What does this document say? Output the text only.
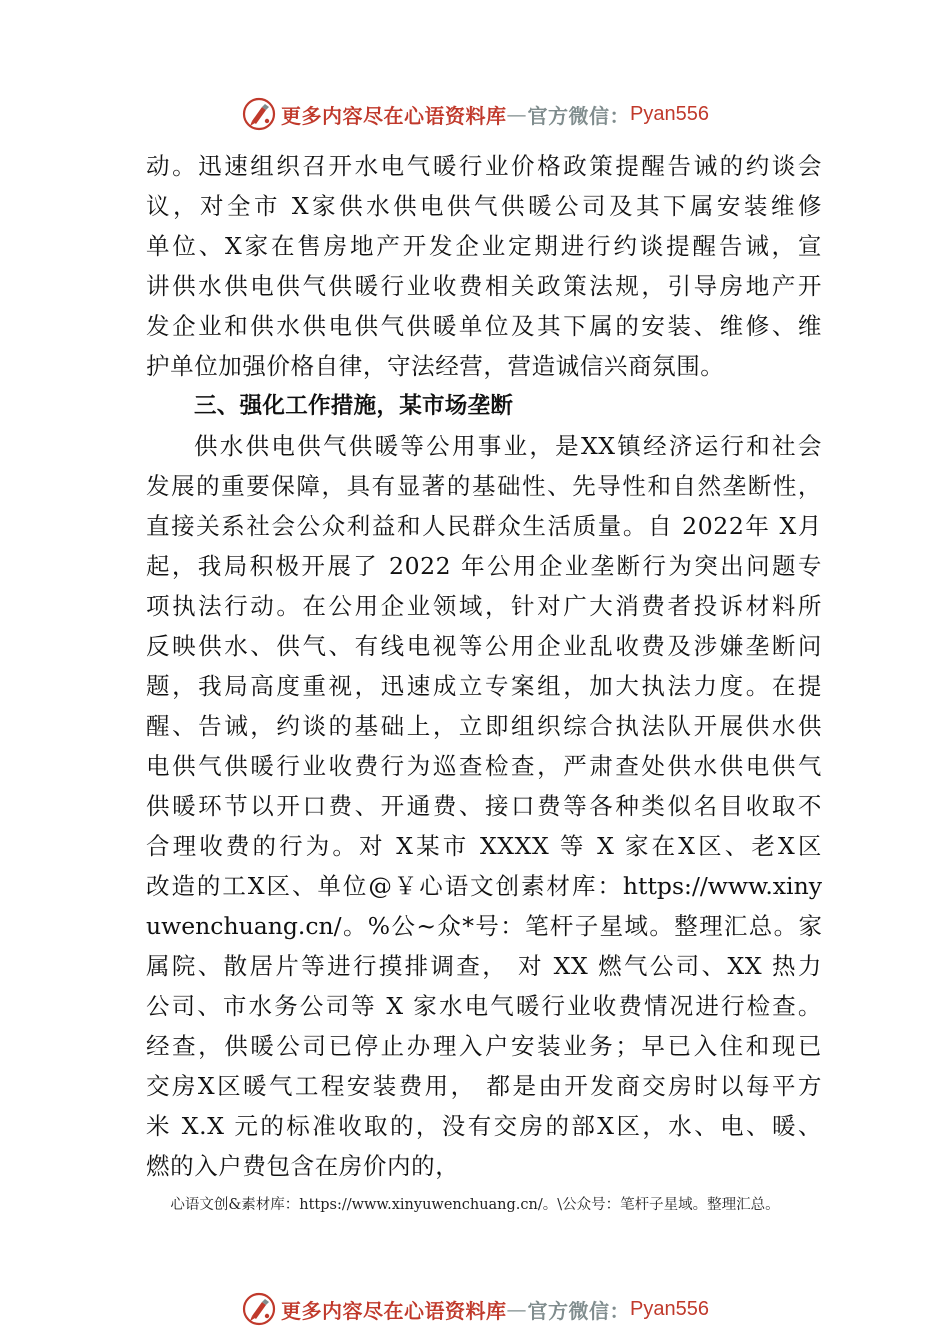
更多内容尽在心语资料库 — 官方微信： Pyan556
动。迅速组织召开水电气暖行业价格政策提醒告诫的约谈会
议，对全市 X家供水供电供气供暖公司及其下属安装维修
单位、X家在售房地产开发企业定期进行约谈提醒告诫，宣
讲供水供电供气供暖行业收费相关政策法规，引导房地产开
发企业和供水供电供气供暖单位及其下属的安装、维修、维
护单位加强价格自律，守法经营，营造诚信兴商氛围。
三、强化工作措施，某市场垄断
供水供电供气供暖等公用事业，是XX镇经济运行和社会
发展的重要保障，具有显著的基础性、先导性和自然垄断性，
直接关系社会公众利益和人民群众生活质量。自 2022年 X月
起，我局积极开展了 2022 年公用企业垄断行为突出问题专
项执法行动。在公用企业领域，针对广大消费者投诉材料所
反映供水、供气、有线电视等公用企业乱收费及涉嫌垄断问
题，我局高度重视，迅速成立专案组，加大执法力度。在提
醒、告诫，约谈的基础上，立即组织综合执法队开展供水供
电供气供暖行业收费行为巡查检查，严肃查处供水供电供气
供暖环节以开口费、开通费、接口费等各种类似名目收取不
合理收费的行为。对 X某市 XXXX 等 X 家在X区、老X区
改造的工X区、单位@￥心语文创素材库：https://www.xiny
uwenchuang.cn/。%公~众*号：笔杆子星域。整理汇总。家
属院、散居片等进行摸排调查， 对 XX 燃气公司、XX 热力
公司、市水务公司等 X 家水电气暖行业收费情况进行检查。
经查，供暖公司已停止办理入户安装业务；早已入住和现已
交房X区暖气工程安装费用， 都是由开发商交房时以每平方
米 X.X 元的标准收取的，没有交房的部X区，水、电、暖、
燃的入户费包含在房价内的，
心语文创&素材库：https://www.xinyuwenchuang.cn/。\公众号：笔杆子星域。整理汇总。
更多内容尽在心语资料库 — 官方微信： Pyan556
